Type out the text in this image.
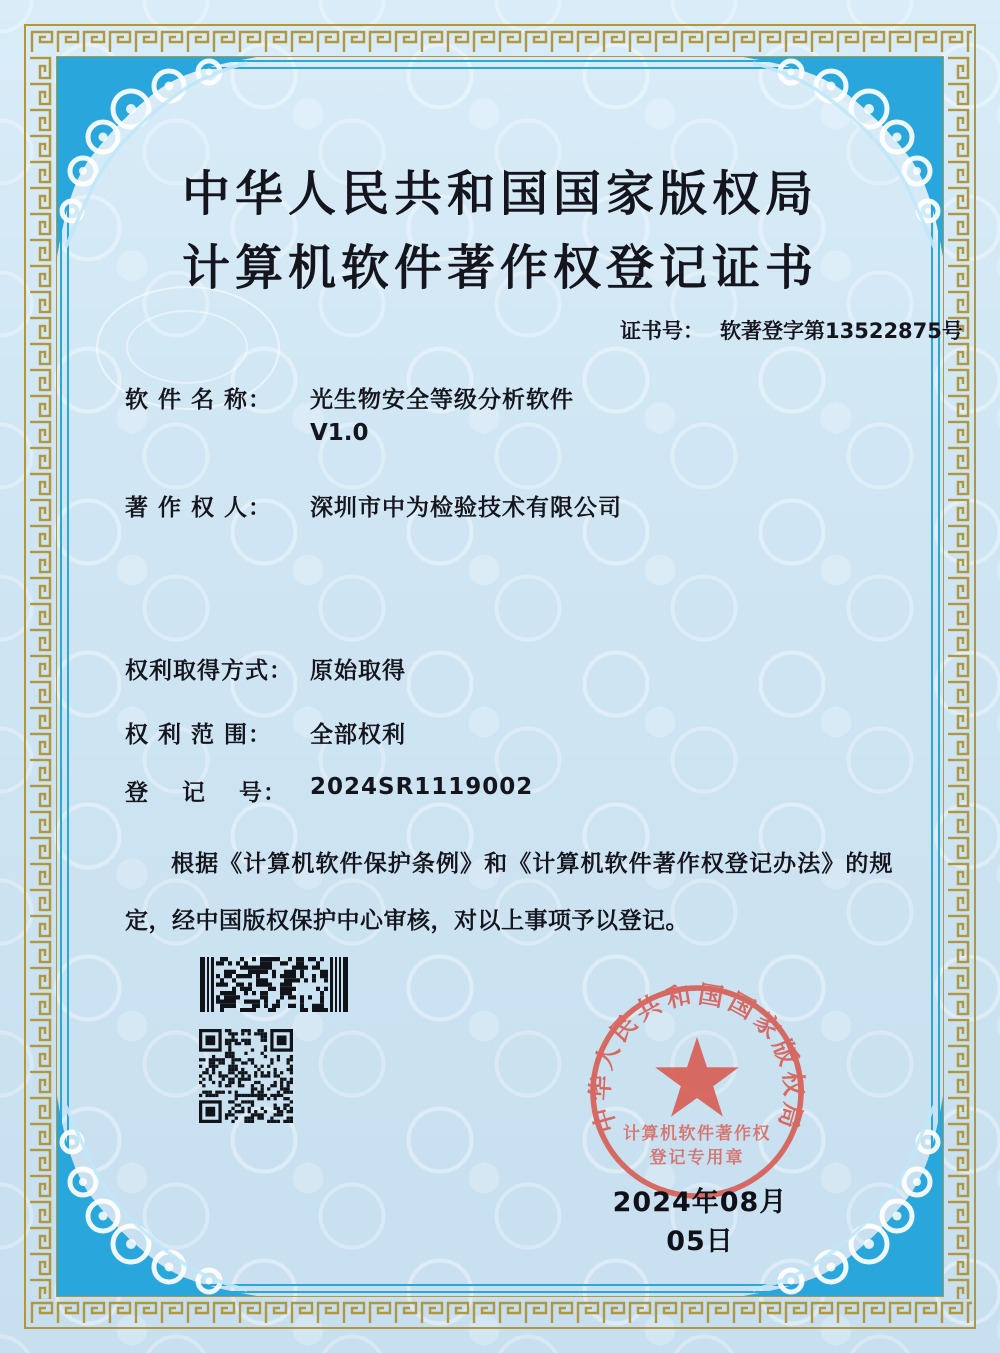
中华人民共和国国家版权局
计算机软件著作权登记证书
证书号： 软著登字第13522875号
软 件 名 称：	光生物安全等级分析软件
V1.0
著 作 权 人：	深圳市中为检验技术有限公司
权利取得方式： 原始取得
权 利 范 围：	全部权利
登　 记 　号： 2024SR1119002
根据《计算机软件保护条例》和《计算机软件著作权登记办法》的规定，经中国版权保护中心审核，对以上事项予以登记。
中华人民共和国国家版权局
计算机软件著作权
登记专用章
2024年08月05日
